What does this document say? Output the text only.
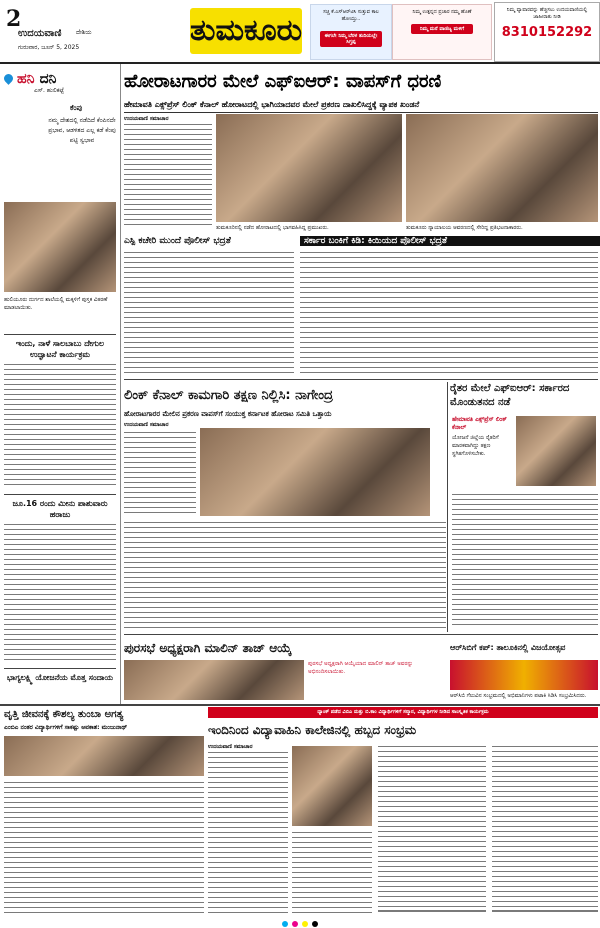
2
ಉದಯವಾಣಿ ದೇಶಿಯ
ಗುರುವಾರ, ಜೂನ್ 5, 2025	ತುಮಕೂರು
ಸಚ್ಚಿ ಕೆ.ಎಸ್‌ಆರ್‌ಟಿಸಿ ಸುತ್ತುವ ಕಾಲ ಹೋಯ್ತು..
ಈಗಲೇ ನಿಮ್ಮ ಬೆರಳ ತುದಿಯಲ್ಲೇ ಸಿಗ್ತಪ್ಪ
ನಿಮ್ಮ ಉತ್ಪನ್ನದ ಪ್ರಚಾರ ನಮ್ಮ ಹೊಣೆ
ನಿಮ್ಮ ಮನೆ ವಾಣಿಜ್ಯ ಮಳಿಗೆ
ನಿಮ್ಮ ವ್ಯಾಪಾರವನ್ನು ಹೆಚ್ಚಿಸಲು ಉದಯವಾಣಿಯಲ್ಲಿ ಜಾಹೀರಾತು ನೀಡಿ
8310152292
ಹನಿ ದನಿ
ಎಸ್. ಹುಲಿಕಟ್ಟೆ
ಕೆಂಪು
ನಮ್ಮ ದೇಶದಲ್ಲಿ ನಡೆದಿದೆ ಕೆಂಪಿನದೇ ಪ್ರಭಾವ, ಆಡಳಿತದ ಎಲ್ಲ ಕಡೆ ಕೆಂಪು ಪಟ್ಟಿ ಸ್ವಭಾವ
ಹುಲಿಯೂರು ದುರ್ಗದ ಶಾಲೆಯಲ್ಲಿ ಮಕ್ಕಳಿಗೆ ಪುಸ್ತಕ ವಿತರಣೆ ಮಾಡಲಾಯಿತು.
ಇಂದು, ನಾಳೆ ಸಾಲಬಾಬು ದೇಗುಲ ಉದ್ಘಾಟನೆ ಕಾರ್ಯಕ್ರಮ
ಜೂ.16 ರಂದು ಮೀನು ಪಾಶುವಾರು ಹರಾಜು
ಭಾಗ್ಯಲಕ್ಷ್ಮಿ ಯೋಜನೆಯ ಮೊತ್ತ ಸಂದಾಯ
ಹೋರಾಟಗಾರರ ಮೇಲೆ ಎಫ್‌ಐಆರ್: ವಾಪಸ್‌ಗೆ ಧರಣಿ
ಹೇಮಾವತಿ ಎಕ್ಸ್‌ಪ್ರೆಸ್ ಲಿಂಕ್ ಕೆನಾಲ್ ಹೋರಾಟದಲ್ಲಿ ಭಾಗಿಯಾದವರ ಮೇಲೆ ಪ್ರಕರಣ ದಾಖಲಿಸಿದ್ದಕ್ಕೆ ವ್ಯಾಪಕ ಖಂಡನೆ
ಉದಯವಾಣಿ ಸಮಾಚಾರ
ತುಮಕೂರಿನಲ್ಲಿ ನಡೆದ ಹೋರಾಟದಲ್ಲಿ ಭಾಗವಹಿಸಿದ್ದ ಪ್ರಮುಖರು.	ತುಮಕೂರು ನ್ಯಾಯಾಲಯ ಆವರಣದಲ್ಲಿ ಸೇರಿದ್ದ ಪ್ರತಿಭಟನಾಕಾರರು.
ಎಸ್ಪಿ ಕಚೇರಿ ಮುಂದೆ ಪೊಲೀಸ್ ಭದ್ರತೆ	ಸರ್ಕಾರ ಬಂಕಿಗೆ ಕಿಡಿ: ಕಿಯಿಯದ ಪೊಲೀಸ್ ಭದ್ರತೆ
ಲಿಂಕ್ ಕೆನಾಲ್ ಕಾಮಗಾರಿ ತಕ್ಷಣ ನಿಲ್ಲಿಸಿ: ನಾಗೇಂದ್ರ
ಹೋರಾಟಗಾರರ ಮೇಲಿನ ಪ್ರಕರಣ ವಾಪಸ್‌ಗೆ ಸಂಯುಕ್ತ ಕರ್ನಾಟಕ ಹೋರಾಟ ಸಮಿತಿ ಒತ್ತಾಯ
ಉದಯವಾಣಿ ಸಮಾಚಾರ
ರೈತರ ಮೇಲೆ ಎಫ್‌ಐಆರ್: ಸರ್ಕಾರದ ಮೊಂಡುತನದ ನಡೆ
ಹೇಮಾವತಿ ಎಕ್ಸ್‌ಪ್ರೆಸ್ ಲಿಂಕ್ ಕೆನಾಲ್
ಯೋಜನೆ ಜಿಲ್ಲೆಯ ರೈತರಿಗೆ ಮಾರಕವಾಗಿದ್ದು ತಕ್ಷಣ ಸ್ಥಗಿತಗೊಳಿಸಬೇಕು.
ಪುರಸಭೆ ಅಧ್ಯಕ್ಷರಾಗಿ ಮಾಲಿನ್ ತಾಜ್ ಆಯ್ಕೆ
ಪುರಸಭೆ ಅಧ್ಯಕ್ಷರಾಗಿ ಆಯ್ಕೆಯಾದ ಮಾಲಿನ್ ತಾಜ್ ಅವರನ್ನು ಅಭಿನಂದಿಸಲಾಯಿತು.
ಆರ್‌ಸಿಬಿಗೆ ಕಪ್: ತಾಲೂಕಿನಲ್ಲಿ ವಿಜಯೋತ್ಸವ
ಆರ್‌ಸಿಬಿ ಗೆಲುವಿನ ಸಂಭ್ರಮದಲ್ಲಿ ಅಭಿಮಾನಿಗಳು ಪಟಾಕಿ ಸಿಡಿಸಿ ಸಂಭ್ರಮಿಸಿದರು.
ವೃತ್ತಿ ಜೀವನಕ್ಕೆ ಕೌಶಲ್ಯ ತುಂಬಾ ಅಗತ್ಯ
ಎಂಬಿಎ ನಂತರ ವಿದ್ಯಾರ್ಥಿಗಳಿಗೆ ಸಾಕಷ್ಟು ಅವಕಾಶ: ಮಂಜುನಾಥ್
ದ್ಯಾಂಕ್ ಪಡೆದ ವಿಬಿಎ ಮತ್ತು ಬಿ.ಕಾಂ ವಿದ್ಯಾರ್ಥಿಗಳಿಗೆ ಸನ್ಮಾನ, ವಿದ್ಯಾರ್ಥಿಗಳ ನೀಡಿದ ಸಾಂಸ್ಕೃತಿಕ ಕಾರ್ಯಕ್ರಮ
ಇಂದಿನಿಂದ ವಿದ್ಯಾವಾಹಿನಿ ಕಾಲೇಜಿನಲ್ಲಿ ಹಬ್ಬದ ಸಂಭ್ರಮ
ಉದಯವಾಣಿ ಸಮಾಚಾರ
